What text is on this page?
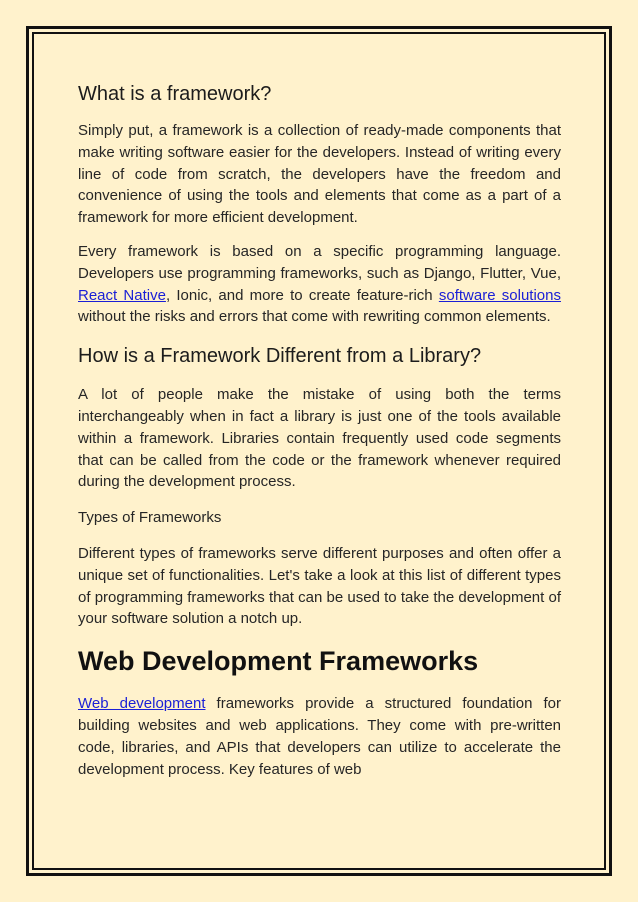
What is a framework?

Simply put, a framework is a collection of ready-made components that make writing software easier for the developers. Instead of writing every line of code from scratch, the developers have the freedom and convenience of using the tools and elements that come as a part of a framework for more efficient development.

Every framework is based on a specific programming language. Developers use programming frameworks, such as Django, Flutter, Vue, React Native, Ionic, and more to create feature-rich software solutions without the risks and errors that come with rewriting common elements.

How is a Framework Different from a Library?

A lot of people make the mistake of using both the terms interchangeably when in fact a library is just one of the tools available within a framework. Libraries contain frequently used code segments that can be called from the code or the framework whenever required during the development process.

Types of Frameworks

Different types of frameworks serve different purposes and often offer a unique set of functionalities. Let's take a look at this list of different types of programming frameworks that can be used to take the development of your software solution a notch up.

Web Development Frameworks

Web development frameworks provide a structured foundation for building websites and web applications. They come with pre-written code, libraries, and APIs that developers can utilize to accelerate the development process. Key features of web
